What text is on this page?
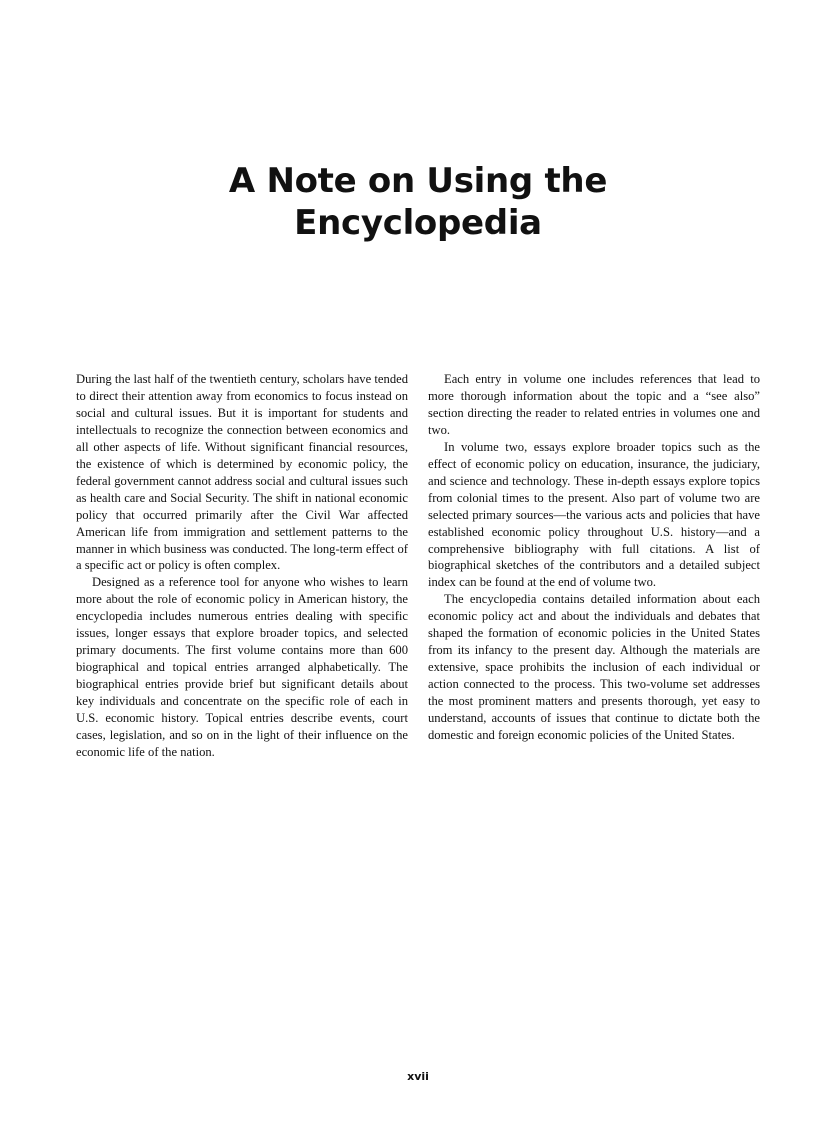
A Note on Using the
Encyclopedia

During the last half of the twentieth century, scholars have tended to direct their attention away from economics to focus instead on social and cultural issues. But it is important for students and intellectuals to recognize the connection between economics and all other aspects of life. Without significant financial resources, the existence of which is determined by economic policy, the federal government cannot address social and cultural issues such as health care and Social Security. The shift in national economic policy that occurred primarily after the Civil War affected American life from immigration and settlement patterns to the manner in which business was conducted. The long-term effect of a specific act or policy is often complex.

Designed as a reference tool for anyone who wishes to learn more about the role of economic policy in American history, the encyclopedia includes numerous entries dealing with specific issues, longer essays that explore broader topics, and selected primary documents. The first volume contains more than 600 biographical and topical entries arranged alphabetically. The biographical entries provide brief but significant details about key individuals and concentrate on the specific role of each in U.S. economic history. Topical entries describe events, court cases, legislation, and so on in the light of their influence on the economic life of the nation.

Each entry in volume one includes references that lead to more thorough information about the topic and a “see also” section directing the reader to related entries in volumes one and two.

In volume two, essays explore broader topics such as the effect of economic policy on education, insurance, the judiciary, and science and technology. These in-depth essays explore topics from colonial times to the present. Also part of volume two are selected primary sources—the various acts and policies that have established economic policy throughout U.S. history—and a comprehensive bibliography with full citations. A list of biographical sketches of the contributors and a detailed subject index can be found at the end of volume two.

The encyclopedia contains detailed information about each economic policy act and about the individuals and debates that shaped the formation of economic policies in the United States from its infancy to the present day. Although the materials are extensive, space prohibits the inclusion of each individual or action connected to the process. This two-volume set addresses the most prominent matters and presents thorough, yet easy to understand, accounts of issues that continue to dictate both the domestic and foreign economic policies of the United States.

xvii
